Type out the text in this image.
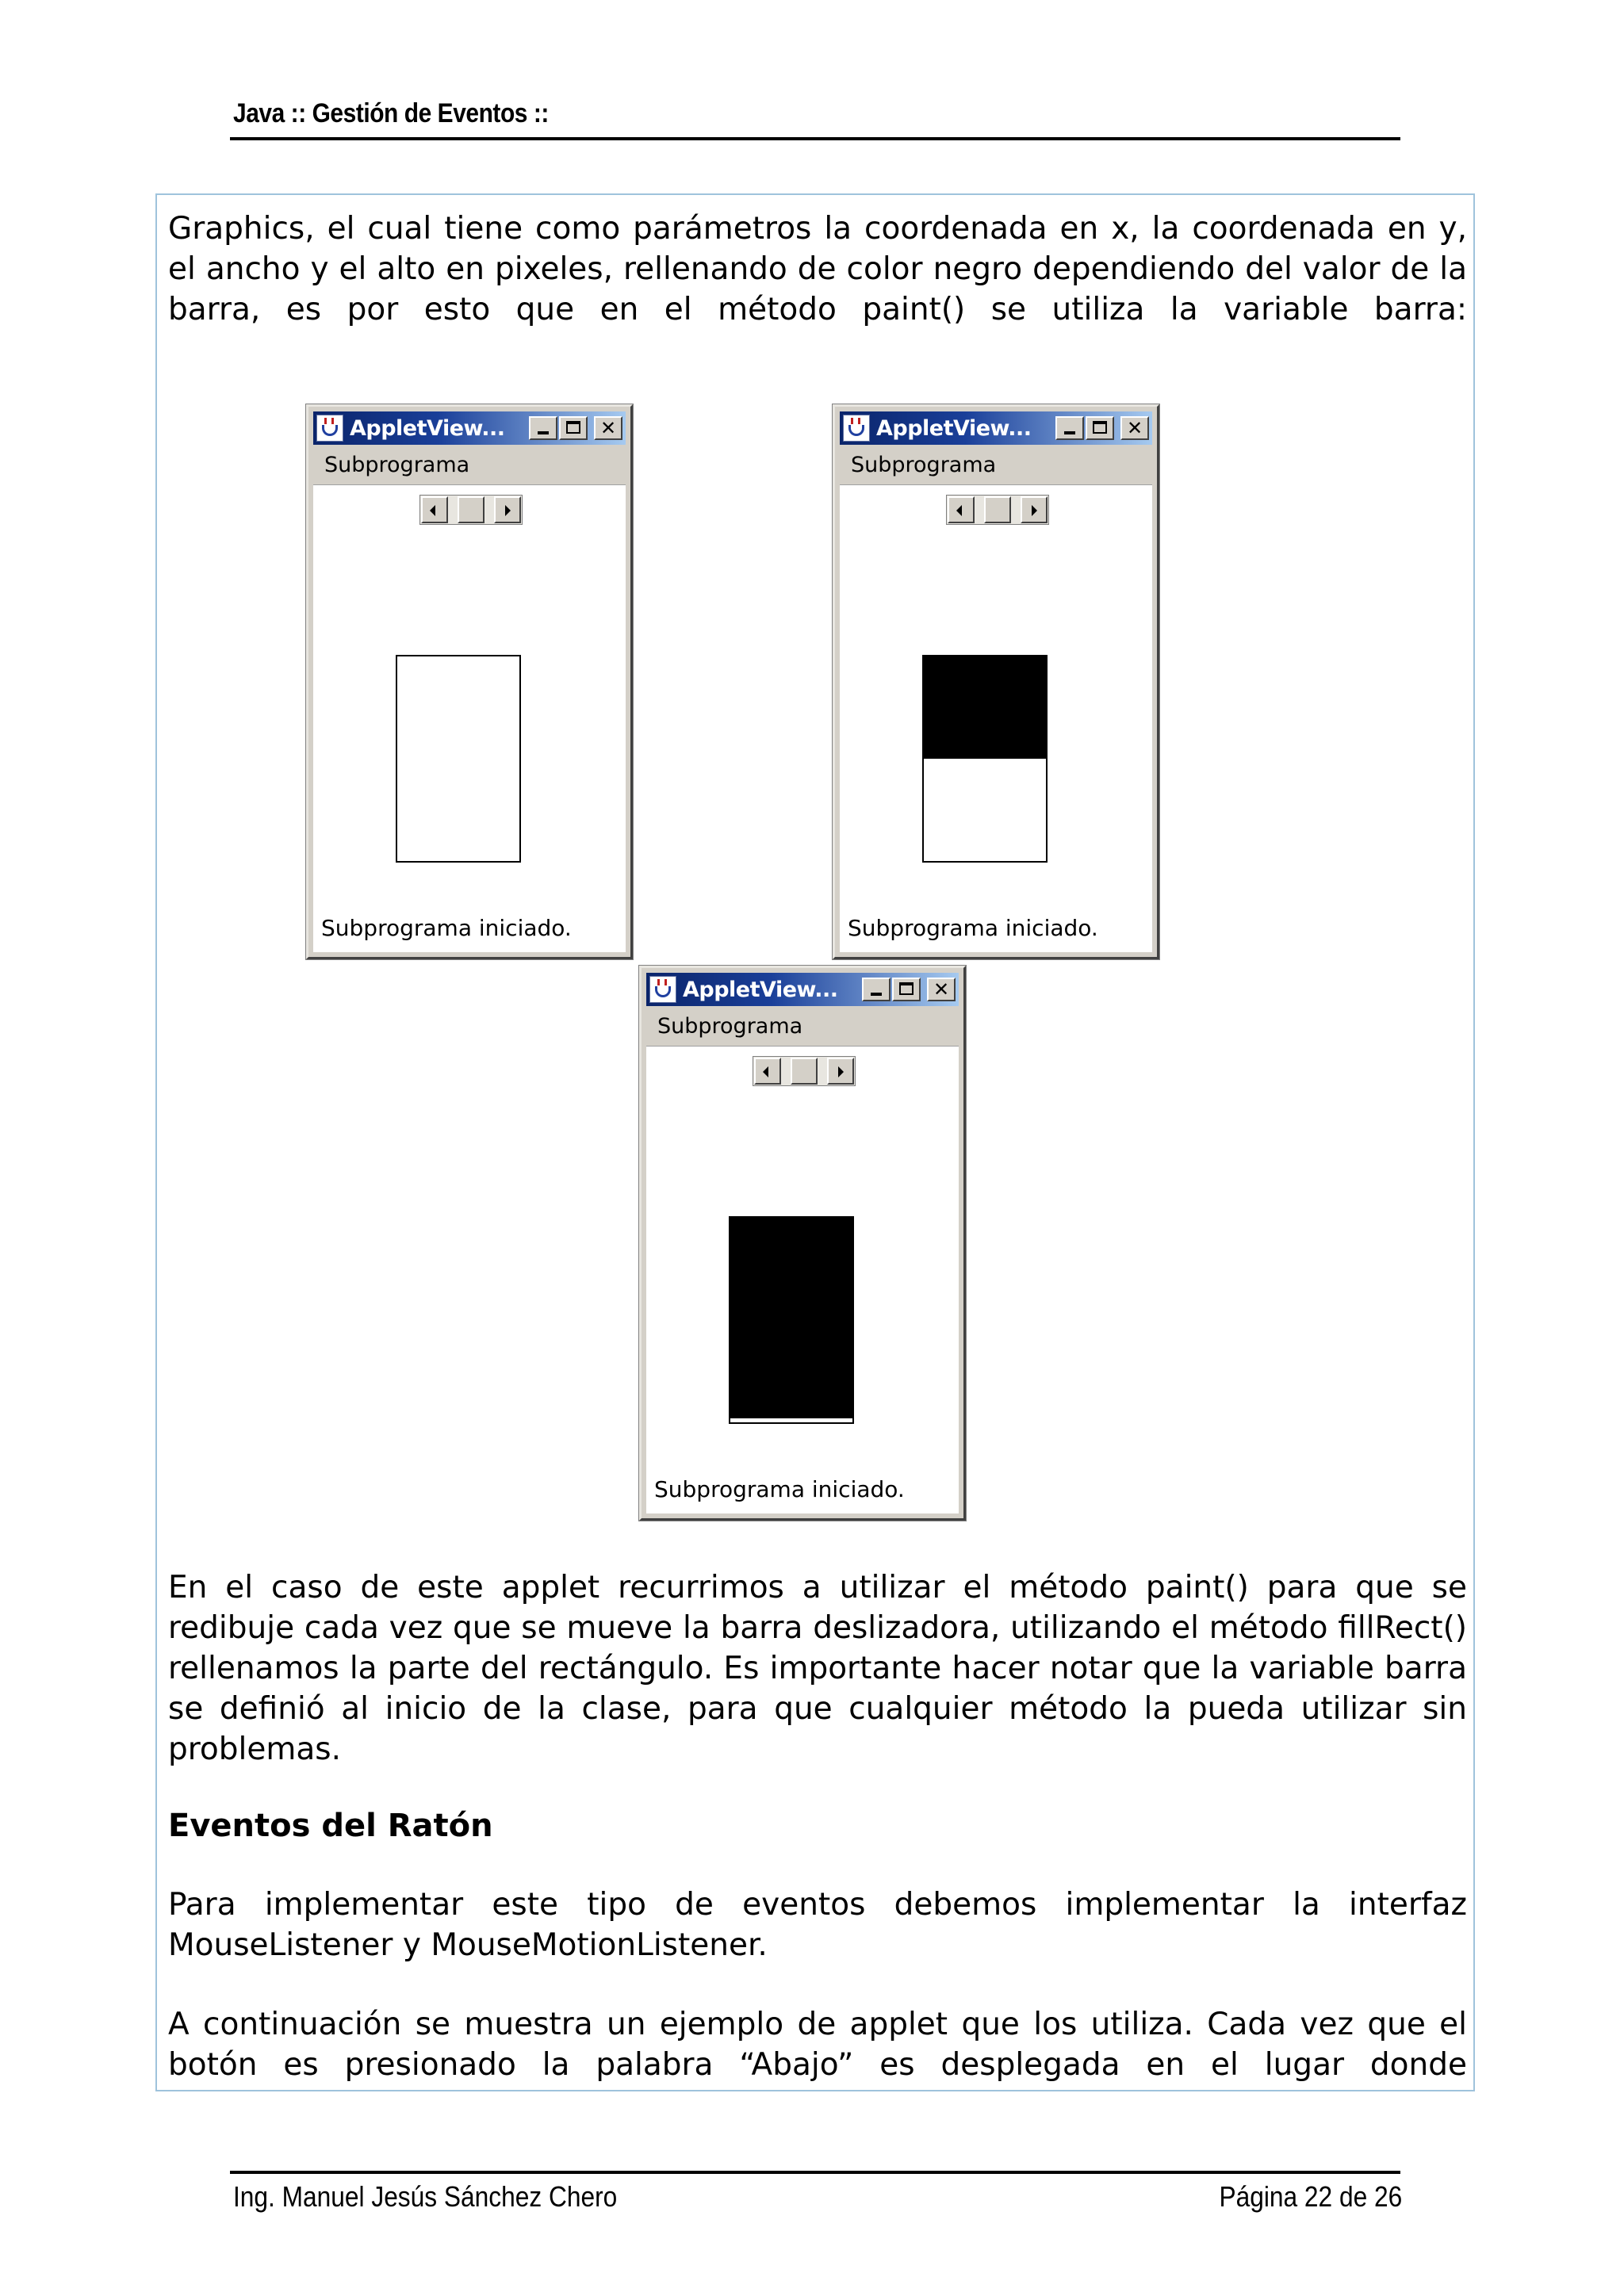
Java :: Gestión de Eventos ::

Graphics, el cual tiene como parámetros la coordenada en x, la coordenada en y, el ancho y el alto en pixeles, rellenando de color negro dependiendo del valor de la barra, es por esto que en el método paint() se utiliza la variable barra:

AppletView...	✕
Subprograma
Subprograma iniciado.
AppletView...	✕
Subprograma
Subprograma iniciado.
AppletView...	✕
Subprograma
Subprograma iniciado.

En el caso de este applet recurrimos a utilizar el método paint() para que se redibuje cada vez que se mueve la barra deslizadora, utilizando el método fillRect() rellenamos la parte del rectángulo. Es importante hacer notar que la variable barra se definió al inicio de la clase, para que cualquier método la pueda utilizar sin problemas.

Eventos del Ratón

Para implementar este tipo de eventos debemos implementar la interfaz MouseListener y MouseMotionListener.

A continuación se muestra un ejemplo de applet que los utiliza. Cada vez que el botón es presionado la palabra “Abajo” es desplegada en el lugar donde

Ing. Manuel Jesús Sánchez Chero	Página 22 de 26
